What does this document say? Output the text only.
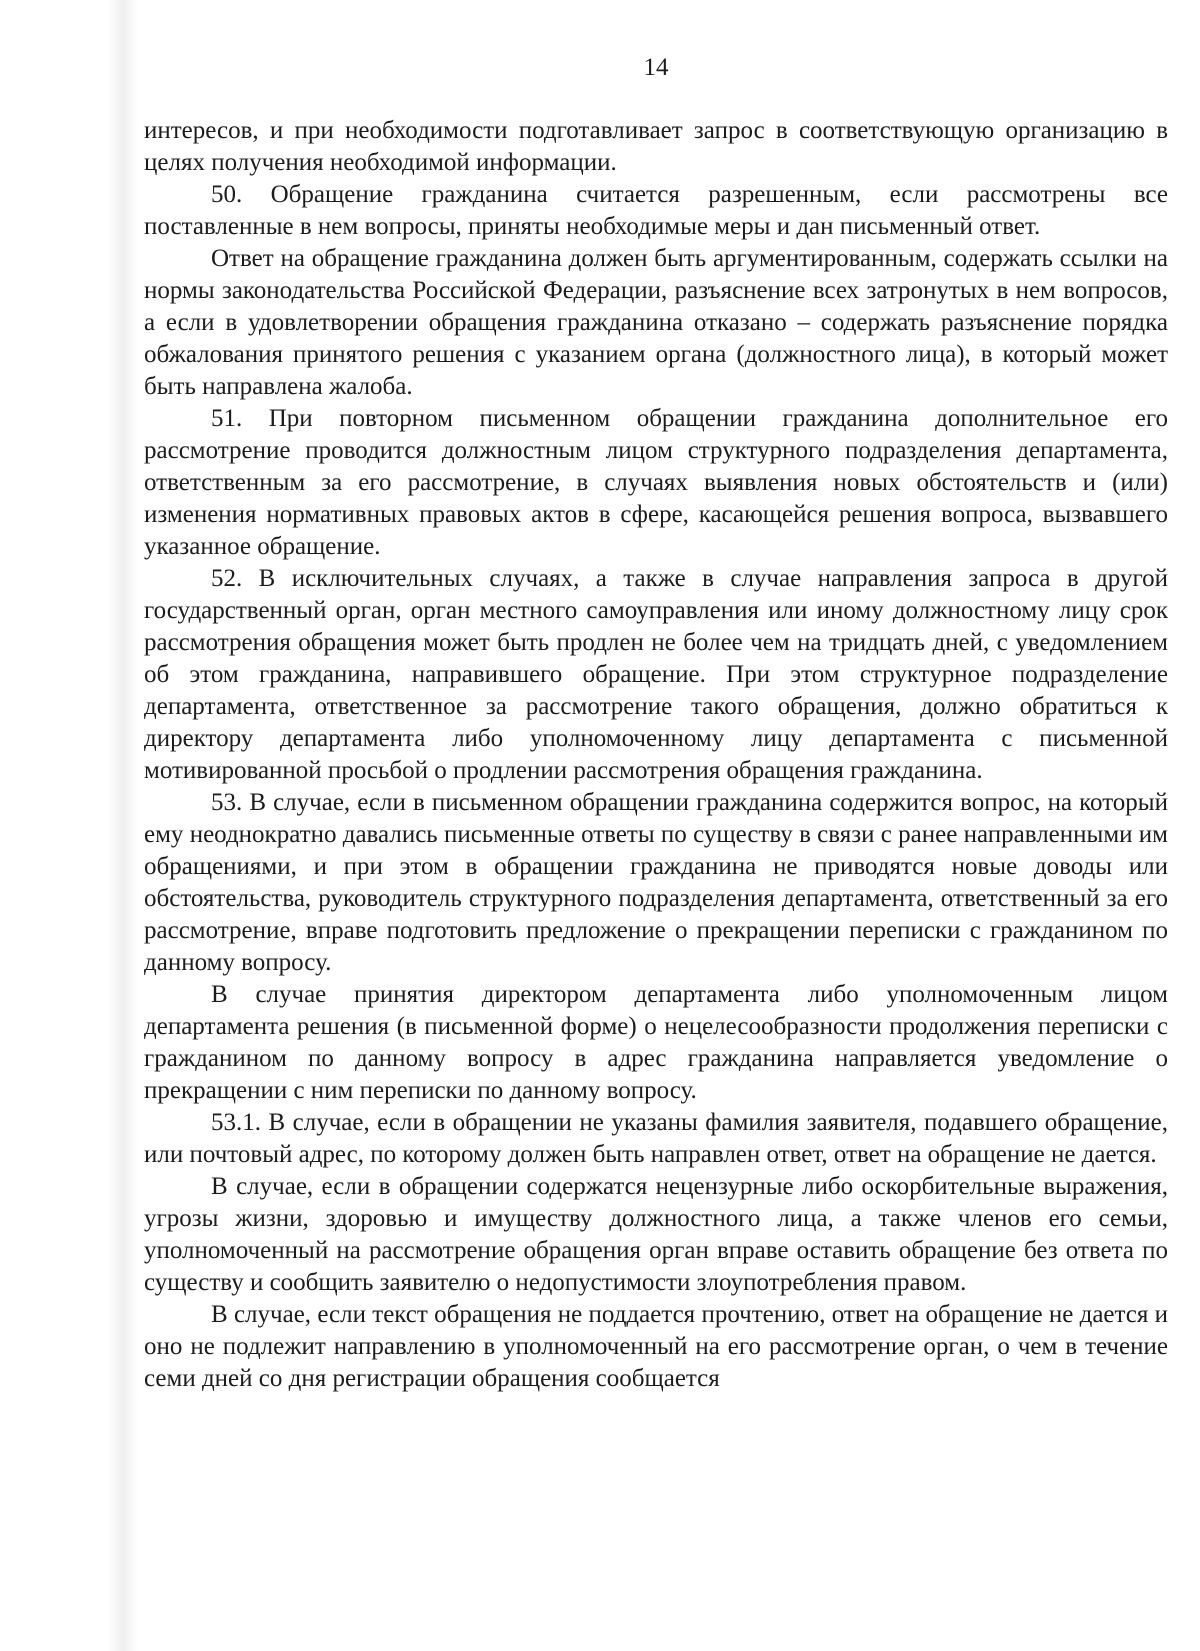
14

интересов, и при необходимости подготавливает запрос в соответствующую организацию в целях получения необходимой информации.

50. Обращение гражданина считается разрешенным, если рассмотрены все поставленные в нем вопросы, приняты необходимые меры и дан письменный ответ.

Ответ на обращение гражданина должен быть аргументированным, содержать ссылки на нормы законодательства Российской Федерации, разъяснение всех затронутых в нем вопросов, а если в удовлетворении обращения гражданина отказано – содержать разъяснение порядка обжалования принятого решения с указанием органа (должностного лица), в который может быть направлена жалоба.

51. При повторном письменном обращении гражданина дополнительное его рассмотрение проводится должностным лицом структурного подразделения департамента, ответственным за его рассмотрение, в случаях выявления новых обстоятельств и (или) изменения нормативных правовых актов в сфере, касающейся решения вопроса, вызвавшего указанное обращение.

52. В исключительных случаях, а также в случае направления запроса в другой государственный орган, орган местного самоуправления или иному должностному лицу срок рассмотрения обращения может быть продлен не более чем на тридцать дней, с уведомлением об этом гражданина, направившего обращение. При этом структурное подразделение департамента, ответственное за рассмотрение такого обращения, должно обратиться к директору департамента либо уполномоченному лицу департамента с письменной мотивированной просьбой о продлении рассмотрения обращения гражданина.

53. В случае, если в письменном обращении гражданина содержится вопрос, на который ему неоднократно давались письменные ответы по существу в связи с ранее направленными им обращениями, и при этом в обращении гражданина не приводятся новые доводы или обстоятельства, руководитель структурного подразделения департамента, ответственный за его рассмотрение, вправе подготовить предложение о прекращении переписки с гражданином по данному вопросу.

В случае принятия директором департамента либо уполномоченным лицом департамента решения (в письменной форме) о нецелесообразности продолжения переписки с гражданином по данному вопросу в адрес гражданина направляется уведомление о прекращении с ним переписки по данному вопросу.

53.1. В случае, если в обращении не указаны фамилия заявителя, подавшего обращение, или почтовый адрес, по которому должен быть направлен ответ, ответ на обращение не дается.

В случае, если в обращении содержатся нецензурные либо оскорбительные выражения, угрозы жизни, здоровью и имуществу должностного лица, а также членов его семьи, уполномоченный на рассмотрение обращения орган вправе оставить обращение без ответа по существу и сообщить заявителю о недопустимости злоупотребления правом.

В случае, если текст обращения не поддается прочтению, ответ на обращение не дается и оно не подлежит направлению в уполномоченный на его рассмотрение орган, о чем в течение семи дней со дня регистрации обращения сообщается
